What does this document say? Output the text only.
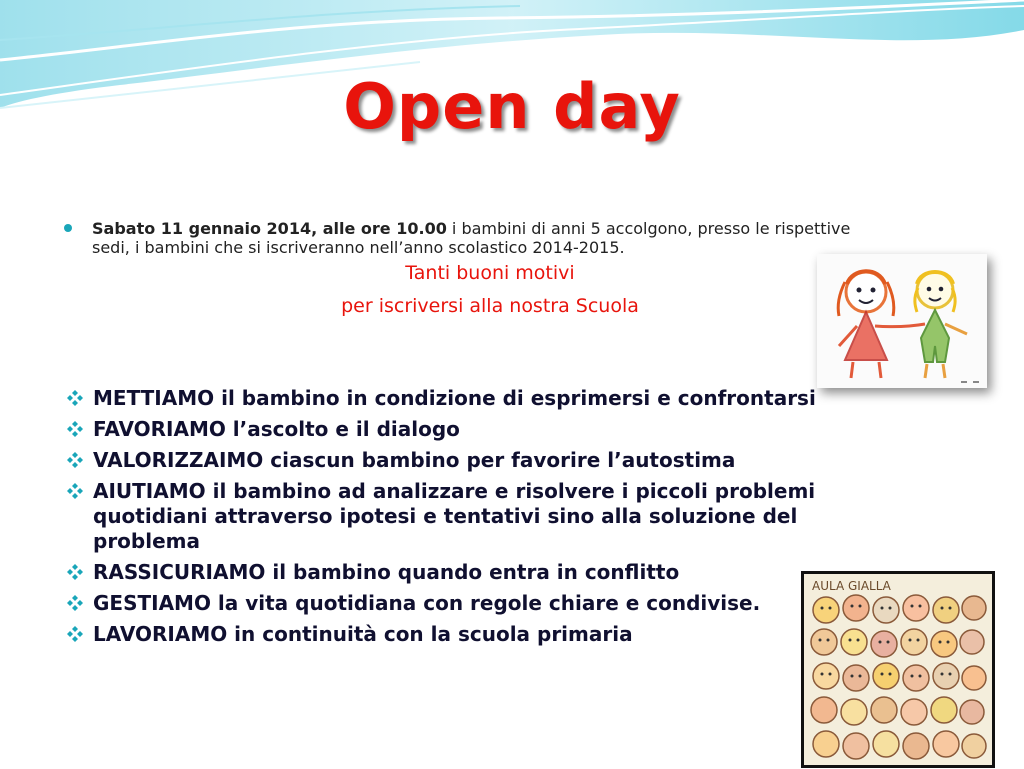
Open day
Sabato 11 gennaio 2014, alle ore 10.00 i bambini di anni 5 accolgono, presso le rispettive
sedi, i bambini che si iscriveranno nell’anno scolastico 2014-2015.
Tanti buoni motivi
per iscriversi alla nostra Scuola
METTIAMO il bambino in condizione di esprimersi e confrontarsi
FAVORIAMO l’ascolto e il dialogo
VALORIZZAIMO ciascun bambino per favorire l’autostima
AIUTIAMO il bambino ad analizzare e risolvere i piccoli problemi quotidiani attraverso ipotesi e tentativi sino alla soluzione del problema
RASSICURIAMO il bambino quando entra in conflitto
GESTIAMO la vita quotidiana con regole chiare e condivise.
LAVORIAMO in continuità con la scuola primaria
AULA GIALLA
